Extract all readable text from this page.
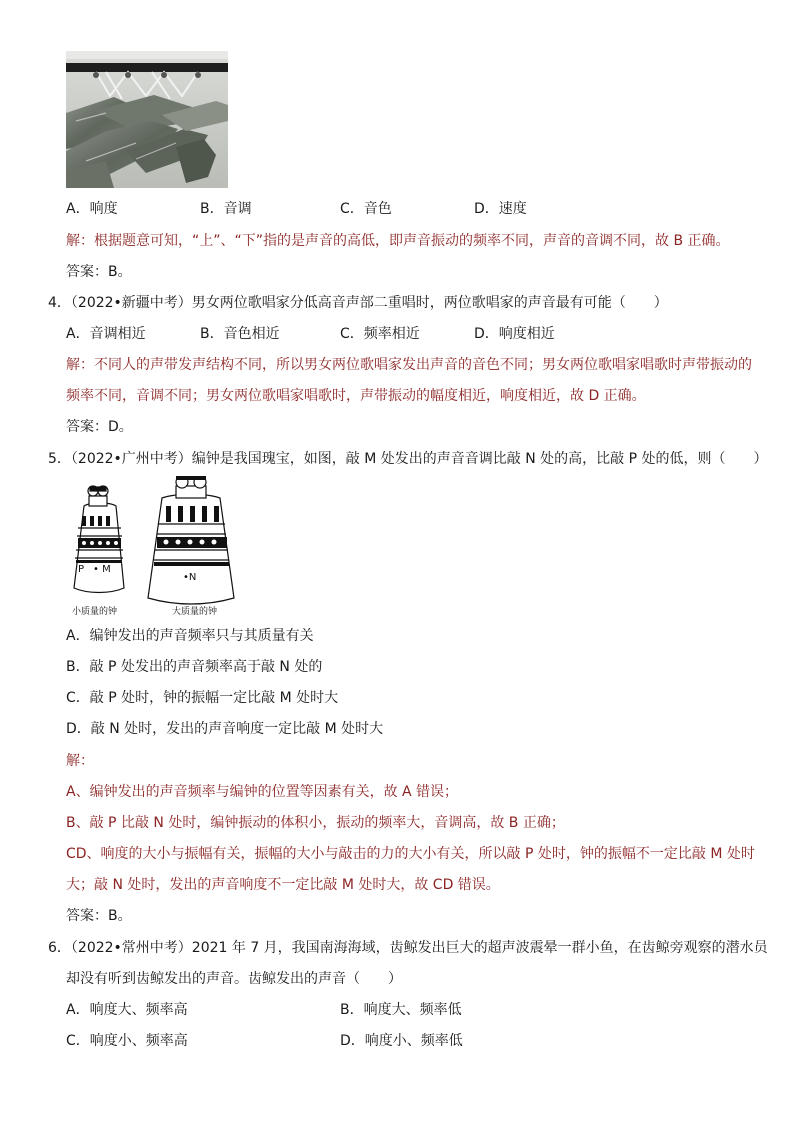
A．响度	B．音调	C．音色	D．速度
解：根据题意可知，“上”、“下”指的是声音的高低，即声音振动的频率不同，声音的音调不同，故 B 正确。
答案：B。
4．（2022•新疆中考）男女两位歌唱家分低高音声部二重唱时，两位歌唱家的声音最有可能（　　）
A．音调相近	B．音色相近	C．频率相近	D．响度相近
解：不同人的声带发声结构不同，所以男女两位歌唱家发出声音的音色不同；男女两位歌唱家唱歌时声带振动的
频率不同，音调不同；男女两位歌唱家唱歌时，声带振动的幅度相近，响度相近，故 D 正确。
答案：D。
5．（2022•广州中考）编钟是我国瑰宝，如图，敲 M 处发出的声音音调比敲 N 处的高，比敲 P 处的低，则（　　）
P • M
•N
小质量的钟	大质量的钟
A．编钟发出的声音频率只与其质量有关
B．敲 P 处发出的声音频率高于敲 N 处的
C．敲 P 处时，钟的振幅一定比敲 M 处时大
D．敲 N 处时，发出的声音响度一定比敲 M 处时大
解：
A、编钟发出的声音频率与编钟的位置等因素有关，故 A 错误；
B、敲 P 比敲 N 处时，编钟振动的体积小，振动的频率大，音调高，故 B 正确；
CD、响度的大小与振幅有关，振幅的大小与敲击的力的大小有关，所以敲 P 处时，钟的振幅不一定比敲 M 处时
大；敲 N 处时，发出的声音响度不一定比敲 M 处时大，故 CD 错误。
答案：B。
6．（2022•常州中考）2021 年 7 月，我国南海海域，齿鲸发出巨大的超声波震晕一群小鱼，在齿鲸旁观察的潜水员
却没有听到齿鲸发出的声音。齿鲸发出的声音（　　）
A．响度大、频率高	B．响度大、频率低
C．响度小、频率高	D．响度小、频率低
